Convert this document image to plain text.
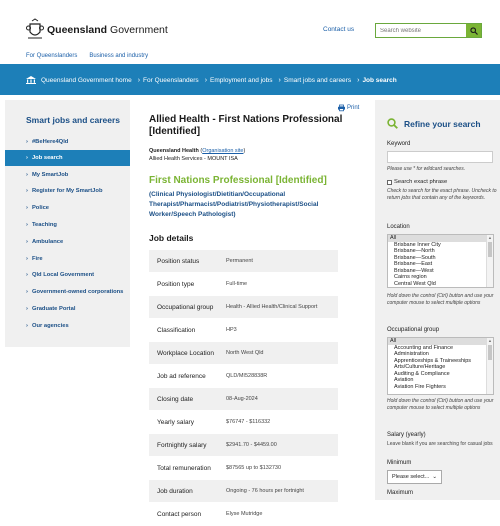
Queensland Government	Contact us
Search website
For Queenslanders Business and industry
Queensland Government home › For Queenslanders › Employment and jobs › Smart jobs and careers › Job search
Smart jobs and careers
› #BeHere4Qld
› Job search
› My SmartJob
› Register for My SmartJob
› Police
› Teaching
› Ambulance
› Fire
› Qld Local Government
› Government-owned corporations
› Graduate Portal
› Our agencies
Print
Allied Health - First Nations Professional [Identified]
Queensland Health (Organisation site)
Allied Health Services - MOUNT ISA
First Nations Professional [Identified]
(Clinical Physiologist/Dietitian/Occupational Therapist/Pharmacist/Podiatrist/Physiotherapist/Social Worker/Speech Pathologist)
Job details
Position status	Permanent
Position type	Full-time
Occupational group	Health - Allied Health/Clinical Support
Classification	HP3
Workplace Location	North West Qld
Job ad reference	QLD/MI528838R
Closing date	08-Aug-2024
Yearly salary	$76747 - $116332
Fortnightly salary	$2941.70 - $4459.00
Total remuneration	$87565 up to $132730
Job duration	Ongoing - 76 hours per fortnight
Contact person	Elyse Mutridge
Refine your search
Keyword
Please use * for wildcard searches.
Search exact phrase
Check to search for the exact phrase. Uncheck to return jobs that contain any of the keywords.
Location
All
Brisbane Inner City
Brisbane—North
Brisbane—South
Brisbane—East
Brisbane—West
Cairns region
Central West Qld
▲
Hold down the control (Ctrl) button and use your computer mouse to select multiple options
Occupational group
All
Accounting and Finance
Administration
Apprenticeships & Traineeships
Arts/Culture/Heritage
Auditing & Compliance
Aviation
Aviation Fire Fighters
▲
Hold down the control (Ctrl) button and use your computer mouse to select multiple options
Salary (yearly)
Leave blank if you are searching for casual jobs
Minimum
Please select... ⌄
Maximum
